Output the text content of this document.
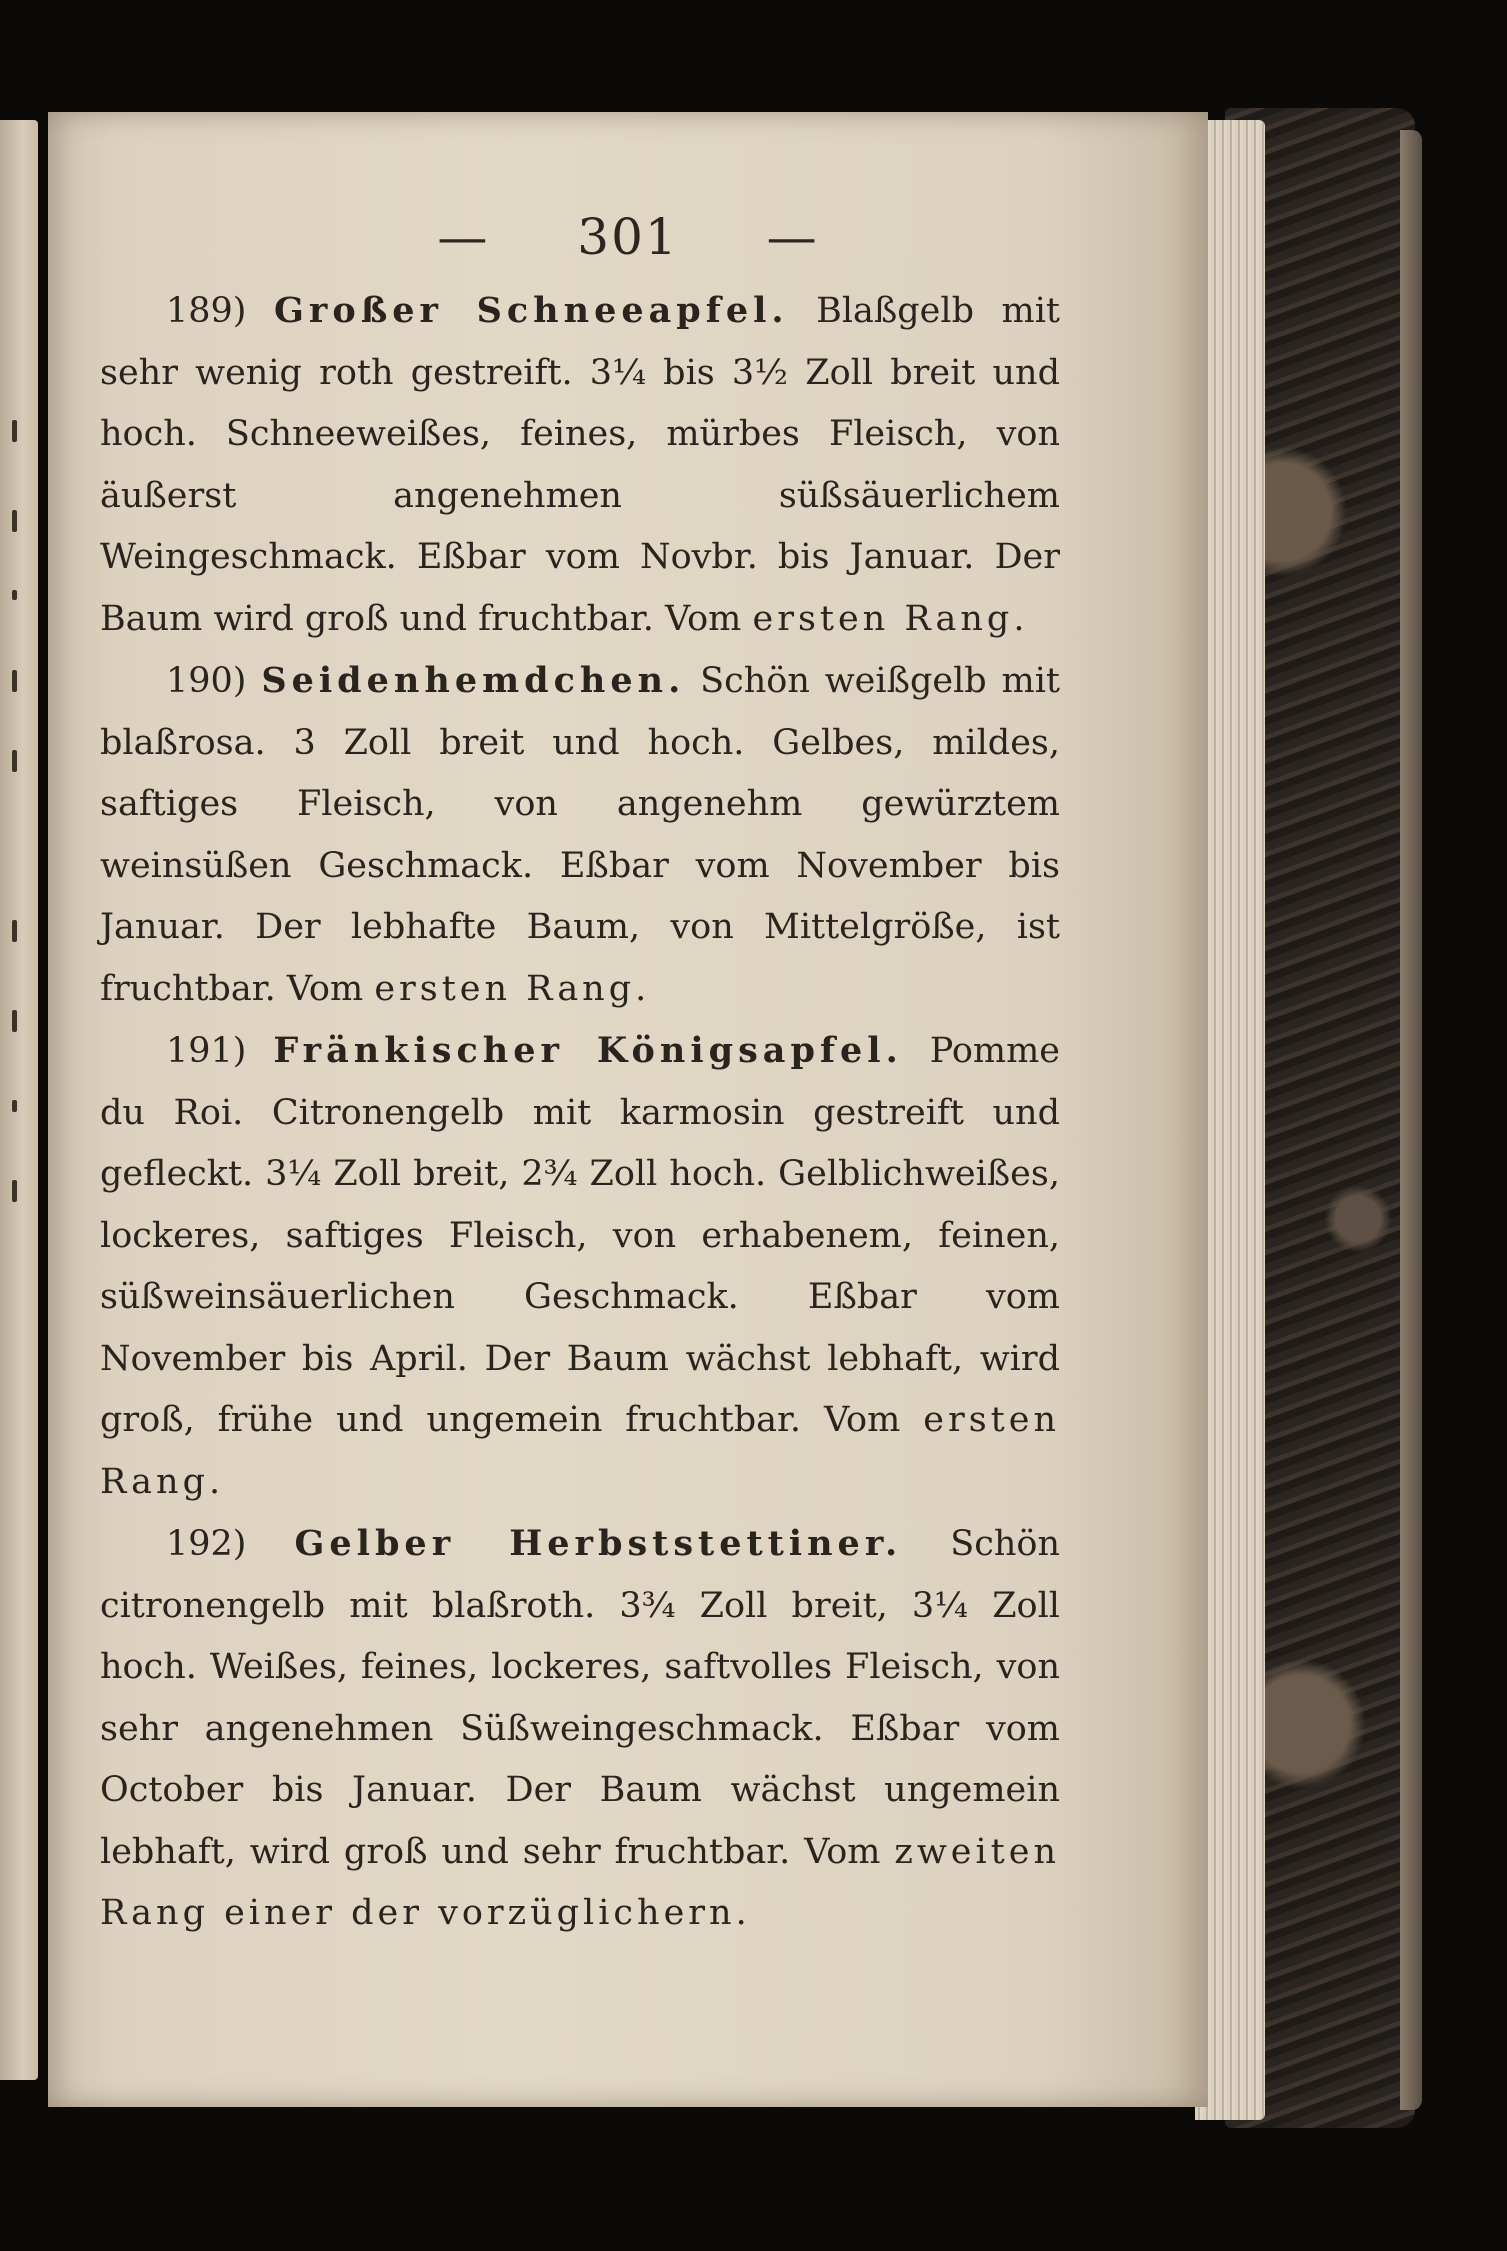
— 301 —

189) Großer Schneeapfel. Blaßgelb mit sehr wenig roth gestreift. 3¼ bis 3½ Zoll breit und hoch. Schneeweißes, feines, mürbes Fleisch, von äußerst angenehmen süßsäuerlichem Weingeschmack. Eßbar vom Novbr. bis Januar. Der Baum wird groß und fruchtbar. Vom ersten Rang.

190) Seidenhemdchen. Schön weißgelb mit blaßrosa. 3 Zoll breit und hoch. Gelbes, mildes, saftiges Fleisch, von angenehm gewürztem weinsüßen Geschmack. Eßbar vom November bis Januar. Der lebhafte Baum, von Mittelgröße, ist fruchtbar. Vom ersten Rang.

191) Fränkischer Königsapfel. Pomme du Roi. Citronengelb mit karmosin gestreift und gefleckt. 3¼ Zoll breit, 2¾ Zoll hoch. Gelblichweißes, lockeres, saftiges Fleisch, von erhabenem, feinen, süßweinsäuerlichen Geschmack. Eßbar vom November bis April. Der Baum wächst lebhaft, wird groß, frühe und ungemein fruchtbar. Vom ersten Rang.

192) Gelber Herbststettiner. Schön citronengelb mit blaßroth. 3¾ Zoll breit, 3¼ Zoll hoch. Weißes, feines, lockeres, saftvolles Fleisch, von sehr angenehmen Süßweingeschmack. Eßbar vom October bis Januar. Der Baum wächst ungemein lebhaft, wird groß und sehr fruchtbar. Vom zweiten Rang einer der vorzüglichern.
